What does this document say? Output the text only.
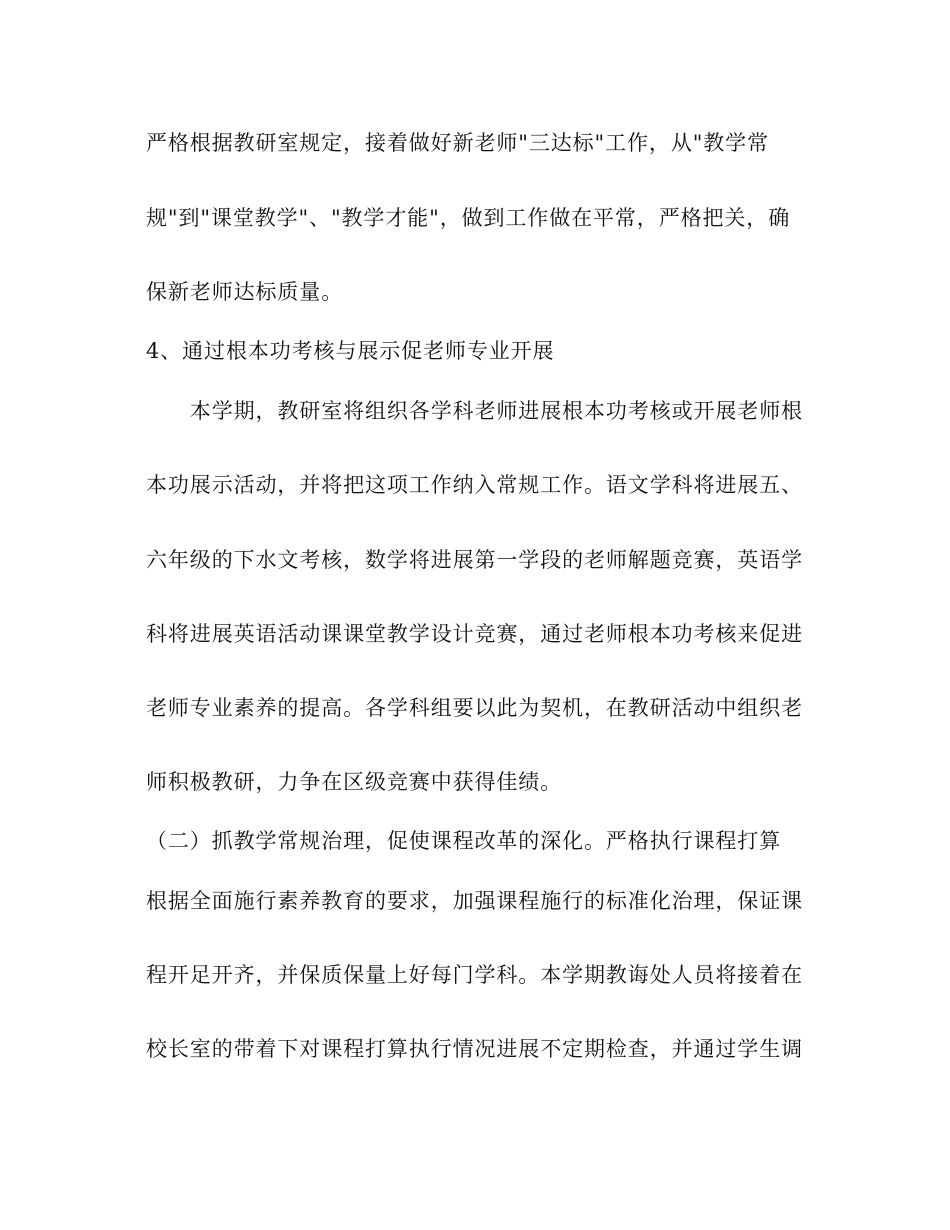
严格根据教研室规定，接着做好新老师"三达标"工作，从"教学常
规"到"课堂教学"、"教学才能"，做到工作做在平常，严格把关，确
保新老师达标质量。
4、通过根本功考核与展示促老师专业开展
　　本学期，教研室将组织各学科老师进展根本功考核或开展老师根
本功展示活动，并将把这项工作纳入常规工作。语文学科将进展五、
六年级的下水文考核，数学将进展第一学段的老师解题竞赛，英语学
科将进展英语活动课课堂教学设计竞赛，通过老师根本功考核来促进
老师专业素养的提高。各学科组要以此为契机，在教研活动中组织老
师积极教研，力争在区级竞赛中获得佳绩。
（二）抓教学常规治理，促使课程改革的深化。严格执行课程打算
根据全面施行素养教育的要求，加强课程施行的标准化治理，保证课
程开足开齐，并保质保量上好每门学科。本学期教诲处人员将接着在
校长室的带着下对课程打算执行情况进展不定期检查，并通过学生调
